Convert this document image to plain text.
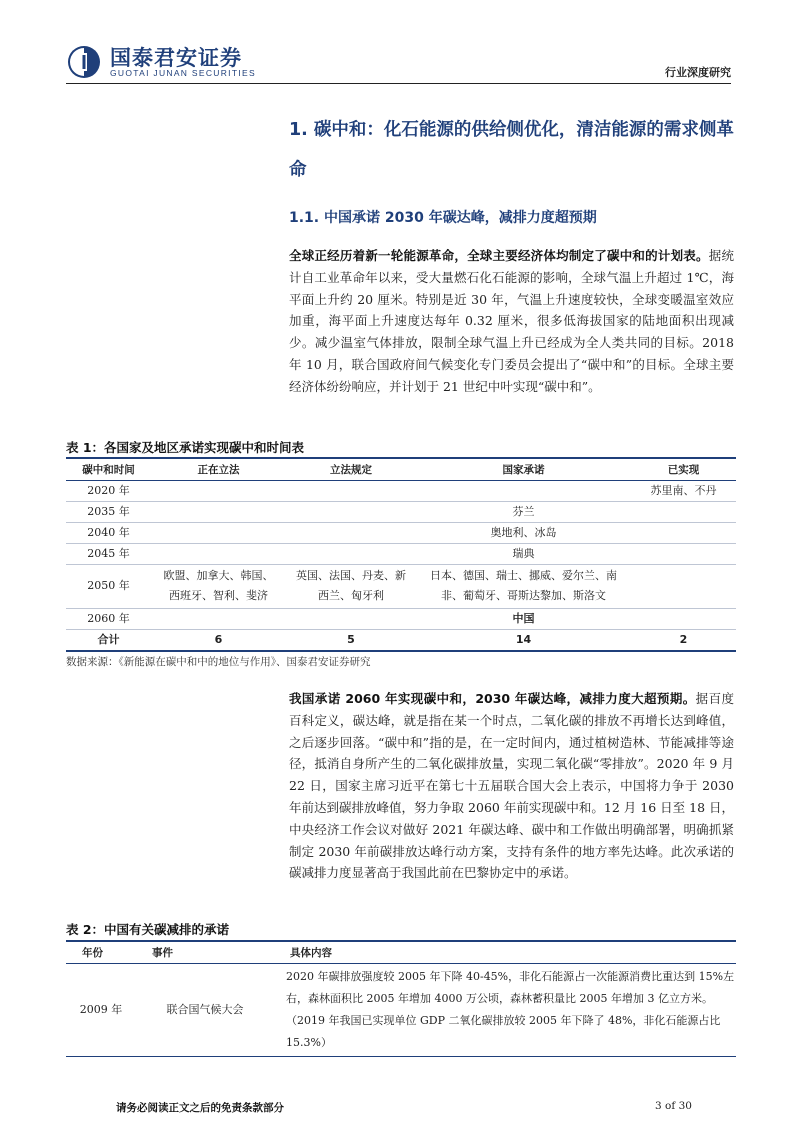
国泰君安证券
GUOTAI JUNAN SECURITIES	行业深度研究
1. 碳中和：化石能源的供给侧优化，清洁能源的需求侧革命
1.1. 中国承诺 2030 年碳达峰，减排力度超预期
全球正经历着新一轮能源革命，全球主要经济体均制定了碳中和的计划表。据统计自工业革命年以来，受大量燃石化石能源的影响，全球气温上升超过 1℃，海平面上升约 20 厘米。特别是近 30 年，气温上升速度较快，全球变暖温室效应加重，海平面上升速度达每年 0.32 厘米，很多低海拔国家的陆地面积出现减少。减少温室气体排放，限制全球气温上升已经成为全人类共同的目标。2018 年 10 月，联合国政府间气候变化专门委员会提出了“碳中和”的目标。全球主要经济体纷纷响应，并计划于 21 世纪中叶实现“碳中和”。
表 1：各国家及地区承诺实现碳中和时间表
碳中和时间	正在立法	立法规定	国家承诺	已实现
2020 年				苏里南、不丹
2035 年			芬兰	
2040 年			奥地利、冰岛	
2045 年			瑞典	
2050 年	欧盟、加拿大、韩国、西班牙、智利、斐济	英国、法国、丹麦、新西兰、匈牙利	日本、德国、瑞士、挪威、爱尔兰、南非、葡萄牙、哥斯达黎加、斯洛文	
2060 年			中国	
合计	6	5	14	2
数据来源：《新能源在碳中和中的地位与作用》、国泰君安证券研究
我国承诺 2060 年实现碳中和，2030 年碳达峰，减排力度大超预期。据百度百科定义，碳达峰，就是指在某一个时点，二氧化碳的排放不再增长达到峰值，之后逐步回落。“碳中和”指的是，在一定时间内，通过植树造林、节能减排等途径，抵消自身所产生的二氧化碳排放量，实现二氧化碳“零排放”。2020 年 9 月 22 日，国家主席习近平在第七十五届联合国大会上表示，中国将力争于 2030 年前达到碳排放峰值，努力争取 2060 年前实现碳中和。12 月 16 日至 18 日，中央经济工作会议对做好 2021 年碳达峰、碳中和工作做出明确部署，明确抓紧制定 2030 年前碳排放达峰行动方案，支持有条件的地方率先达峰。此次承诺的碳减排力度显著高于我国此前在巴黎协定中的承诺。
表 2：中国有关碳减排的承诺
年份	事件	具体内容
2009 年	联合国气候大会	2020 年碳排放强度较 2005 年下降 40-45%，非化石能源占一次能源消费比重达到 15%左右，森林面积比 2005 年增加 4000 万公顷，森林蓄积量比 2005 年增加 3 亿立方米。（2019 年我国已实现单位 GDP 二氧化碳排放较 2005 年下降了 48%，非化石能源占比 15.3%）
请务必阅读正文之后的免责条款部分	3 of 30
